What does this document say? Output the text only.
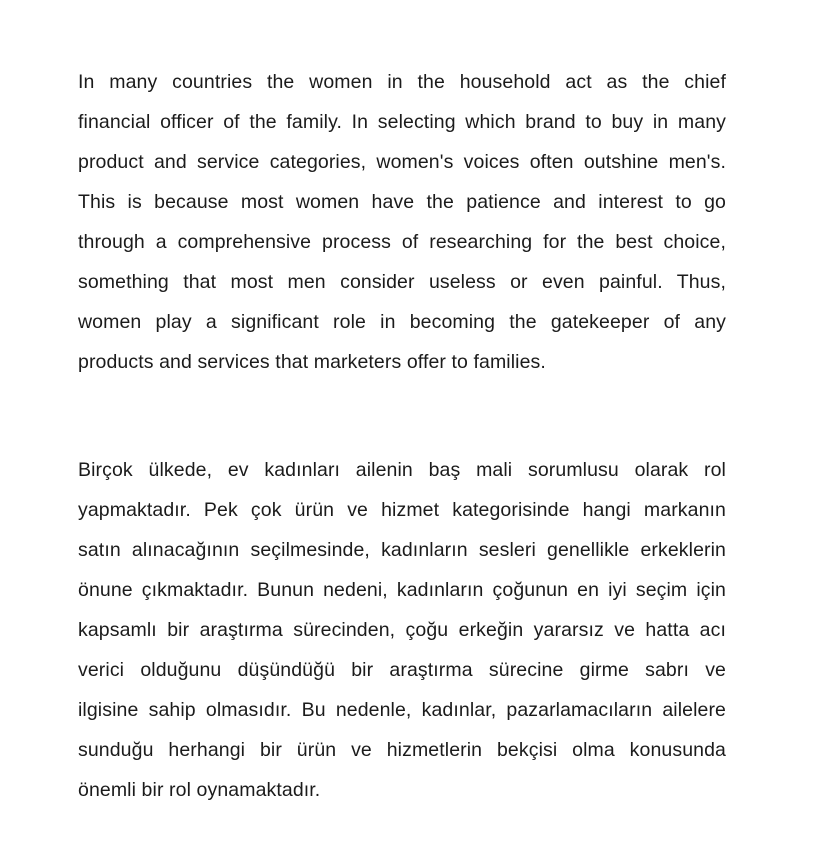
In many countries the women in the household act as the chief
financial officer of the family. In selecting which brand to buy in many
product and service categories, women's voices often outshine men's.
This is because most women have the patience and interest to go
through a comprehensive process of researching for the best choice,
something that most men consider useless or even painful. Thus,
women play a significant role in becoming the gatekeeper of any
products and services that marketers offer to families.
Birçok ülkede, ev kadınları ailenin baş mali sorumlusu olarak rol
yapmaktadır. Pek çok ürün ve hizmet kategorisinde hangi markanın
satın alınacağının seçilmesinde, kadınların sesleri genellikle erkeklerin
önune çıkmaktadır. Bunun nedeni, kadınların çoğunun en iyi seçim için
kapsamlı bir araştırma sürecinden, çoğu erkeğin yararsız ve hatta acı
verici olduğunu düşündüğü bir araştırma sürecine girme sabrı ve
ilgisine sahip olmasıdır. Bu nedenle, kadınlar, pazarlamacıların ailelere
sunduğu herhangi bir ürün ve hizmetlerin bekçisi olma konusunda
önemli bir rol oynamaktadır.
